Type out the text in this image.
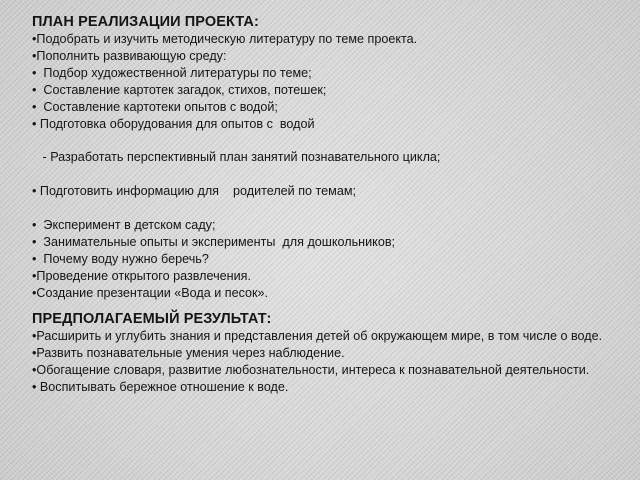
ПЛАН РЕАЛИЗАЦИИ ПРОЕКТА:

•Подобрать и изучить методическую литературу по теме проекта.
•Пополнить развивающую среду:
•  Подбор художественной литературы по теме;
•  Составление картотек загадок, стихов, потешек;
•  Составление картотеки опытов с водой;
• Подготовка оборудования для опытов с  водой
- Разработать перспективный план занятий познавательного цикла;
• Подготовить информацию для    родителей по темам;
•  Эксперимент в детском саду;
•  Занимательные опыты и эксперименты  для дошкольников;
•  Почему воду нужно беречь?
•Проведение открытого развлечения.
•Создание презентации «Вода и песок».

ПРЕДПОЛАГАЕМЫЙ РЕЗУЛЬТАТ:

•Расширить и углубить знания и представления детей об окружающем мире, в том числе о воде.
•Развить познавательные умения через наблюдение.
•Обогащение словаря, развитие любознательности, интереса к познавательной деятельности.
• Воспитывать бережное отношение к воде.
